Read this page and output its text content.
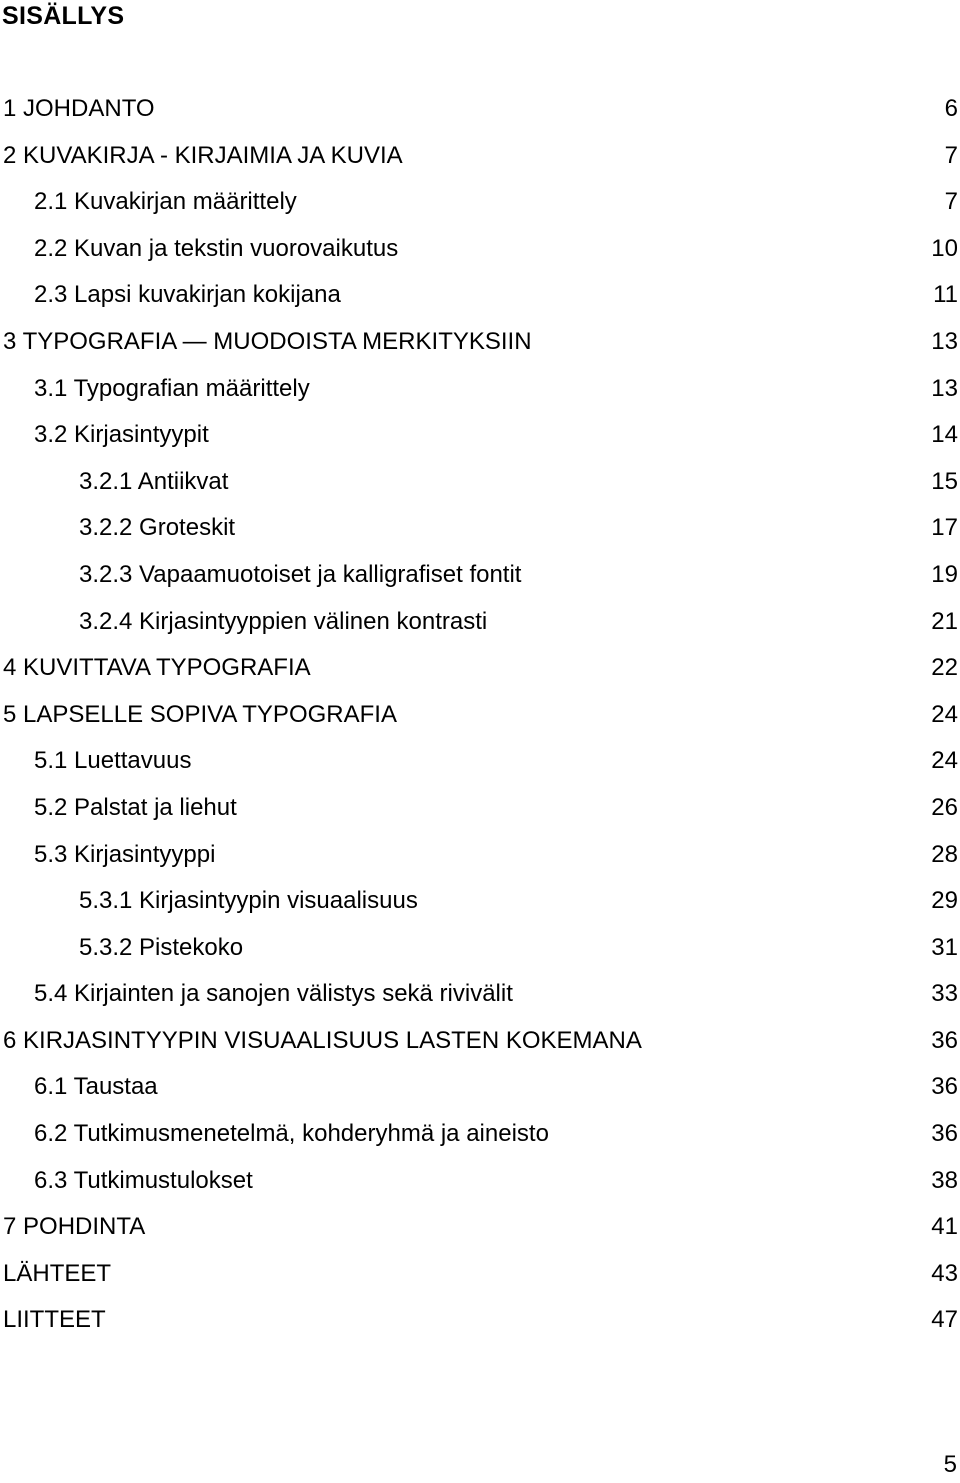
SISÄLLYS
1 JOHDANTO	6
2 KUVAKIRJA - KIRJAIMIA JA KUVIA	7
2.1 Kuvakirjan määrittely	7
2.2 Kuvan ja tekstin vuorovaikutus	10
2.3 Lapsi kuvakirjan kokijana	11
3 TYPOGRAFIA — MUODOISTA MERKITYKSIIN	13
3.1 Typografian määrittely	13
3.2 Kirjasintyypit	14
3.2.1 Antiikvat	15
3.2.2 Groteskit	17
3.2.3 Vapaamuotoiset ja kalligrafiset fontit	19
3.2.4 Kirjasintyyppien välinen kontrasti	21
4 KUVITTAVA TYPOGRAFIA	22
5 LAPSELLE SOPIVA TYPOGRAFIA	24
5.1 Luettavuus	24
5.2 Palstat ja liehut	26
5.3 Kirjasintyyppi	28
5.3.1 Kirjasintyypin visuaalisuus	29
5.3.2 Pistekoko	31
5.4 Kirjainten ja sanojen välistys sekä rivivälit	33
6 KIRJASINTYYPIN VISUAALISUUS LASTEN KOKEMANA	36
6.1 Taustaa	36
6.2 Tutkimusmenetelmä, kohderyhmä ja aineisto	36
6.3 Tutkimustulokset	38
7 POHDINTA	41
LÄHTEET	43
LIITTEET	47
5
